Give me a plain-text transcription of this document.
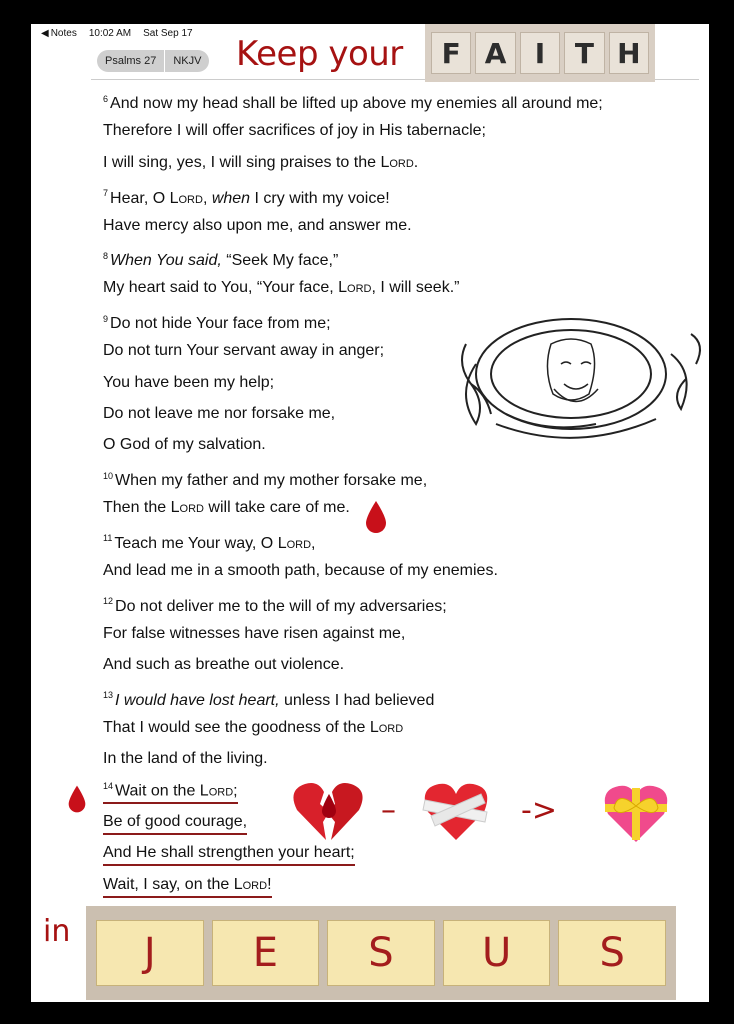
◀ Notes 10:02 AM Sat Sep 17
Psalms 27	NKJV Keep your	F A	I	T H
$^6$ And now my head shall be lifted up above my enemies all around me;
Therefore I will offer sacrifices of joy in His tabernacle;
I will sing, yes, I will sing praises to the Lord.
$^7$ Hear, O Lord, when I cry with my voice!
Have mercy also upon me, and answer me.
$^8$ When You said, “Seek My face,”
My heart said to You, “Your face, Lord, I will seek.”
$^9$ Do not hide Your face from me;
Do not turn Your servant away in anger;
You have been my help;
Do not leave me nor forsake me,
O God of my salvation.
$^{10}$ When my father and my mother forsake me,
Then the Lord will take care of me.
$^{11}$ Teach me Your way, O Lord,
And lead me in a smooth path, because of my enemies.
$^{12}$ Do not deliver me to the will of my adversaries;
For false witnesses have risen against me,
And such as breathe out violence.
$^{13}$ I would have lost heart, unless I had believed
That I would see the goodness of the Lord
In the land of the living.
$^{14}$ Wait on the Lord;
Be of good courage,
And He shall strengthen your heart;
Wait, I say, on the Lord!
–	->
in	J	E	S	U	S
